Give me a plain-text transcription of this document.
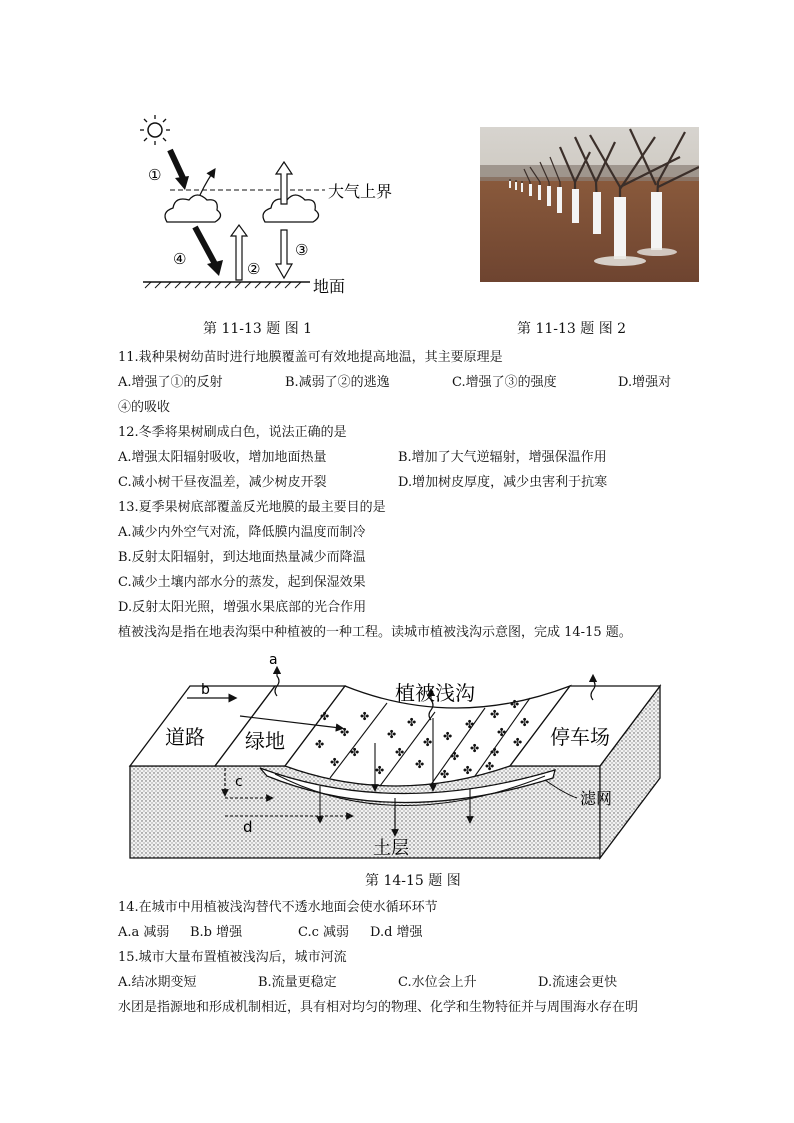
大气上界
①
④
②
③
地面
第 11-13 题 图 1	第 11-13 题 图 2
11.栽种果树幼苗时进行地膜覆盖可有效地提高地温，其主要原理是
A.增强了①的反射	B.减弱了②的逃逸	C.增强了③的强度	D.增强对
④的吸收
12.冬季将果树刷成白色，说法正确的是
A.增强太阳辐射吸收，增加地面热量	B.增加了大气逆辐射，增强保温作用
C.减小树干昼夜温差，减少树皮开裂	D.增加树皮厚度，减少虫害利于抗寒
13.夏季果树底部覆盖反光地膜的最主要目的是
A.减少内外空气对流，降低膜内温度而制冷
B.反射太阳辐射，到达地面热量减少而降温
C.减少土壤内部水分的蒸发，起到保湿效果
D.反射太阳光照，增强水果底部的光合作用
植被浅沟是指在地表沟渠中种植被的一种工程。读城市植被浅沟示意图，完成 14-15 题。
✤
✤
✤
✤
✤
✤
✤
✤
✤
✤
✤
✤ ✤
✤
✤
✤
✤ ✤
✤
✤
✤
✤
✤
✤
✤
a
b
c
d
道路 绿地
植被浅沟
停车场
滤网
土层
第 14-15 题 图
14.在城市中用植被浅沟替代不透水地面会使水循环环节
A.a 减弱 B.b 增强	C.c 减弱 D.d 增强
15.城市大量布置植被浅沟后，城市河流
A.结冰期变短	B.流量更稳定	C.水位会上升	D.流速会更快
水团是指源地和形成机制相近，具有相对均匀的物理、化学和生物特征并与周围海水存在明
